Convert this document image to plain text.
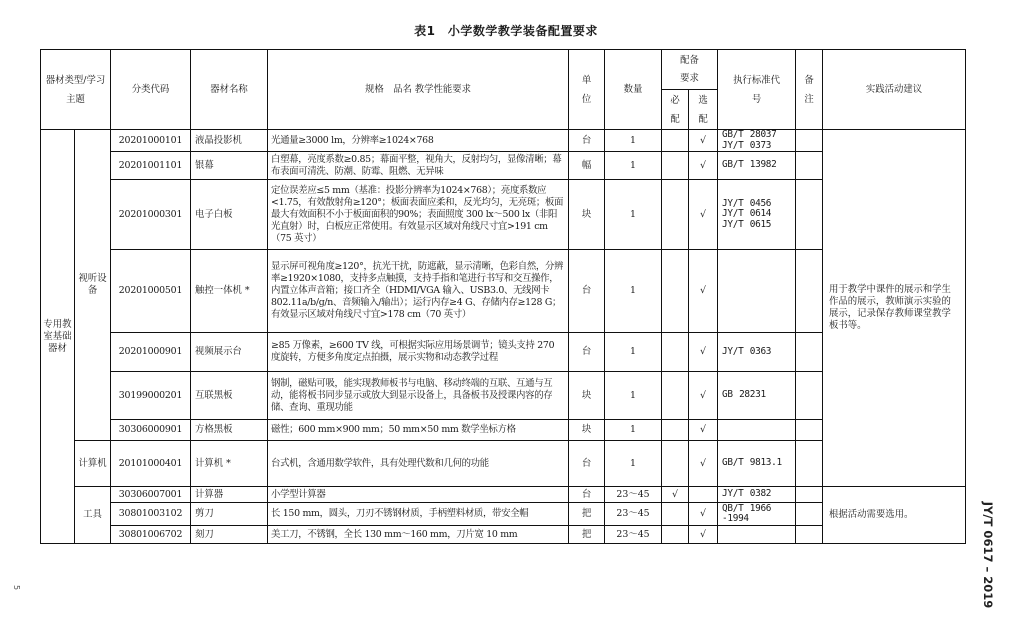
表1　小学数学教学装备配置要求
器材类型/学习主题		分类代码	器材名称	规格　品名 教学性能要求	单位	数量	配备要求		执行标准代号	备注	实践活动建议
							必配	选配			
专用教室基础器材	视听设备	20201000101	液晶投影机	光通量≥3000 lm，分辨率≥1024×768	台	1		√	GB/T 28037 JY/T 0373		用于教学中课件的展示和学生作品的展示，教师演示实验的展示，记录保存教师课堂教学板书等。
		20201001101	银幕	白塑幕，亮度系数≥0.85；幕面平整，视角大，反射均匀，显像清晰；幕布表面可清洗、防潮、防霉、阻燃、无异味	幅	1		√	GB/T 13982		
		20201000301	电子白板	定位误差应≤5 mm（基准：投影分辨率为1024×768）；亮度系数应<1.75，有效散射角≥120°；板面表面应柔和，反光均匀，无亮斑；板面最大有效面积不小于板面面积的90%；表面照度 300 lx～500 lx（非阳光直射）时，白板应正常使用。有效显示区域对角线尺寸宜>191 cm（75 英寸）	块	1		√	JY/T 0456 JY/T 0614 JY/T 0615		
		20201000501	触控一体机 *	显示屏可视角度≥120°，抗光干扰，防遮蔽，显示清晰，色彩自然，分辨率≥1920×1080，支持多点触摸，支持手指和笔进行书写和交互操作，内置立体声音箱；接口齐全（HDMI/VGA 输入、USB3.0、无线网卡 802.11a/b/g/n、音频输入/输出）；运行内存≥4 G、存储内存≥128 G；有效显示区域对角线尺寸宜>178 cm（70 英寸）	台	1		√			
		20201000901	视频展示台	≥85 万像素，≥600 TV 线，可根据实际应用场景调节；镜头支持 270 度旋转，方便多角度定点拍摄，展示实物和动态教学过程	台	1		√	JY/T 0363		
		30199000201	互联黑板	钢制，磁贴可吸，能实现教师板书与电脑、移动终端的互联、互通与互动，能将板书同步显示或放大到显示设备上，具备板书及授课内容的存储、查询、重现功能	块	1		√	GB 28231		
		30306000901	方格黑板	磁性；600 mm×900 mm；50 mm×50 mm 数学坐标方格	块	1		√			
	计算机	20101000401	计算机 *	台式机，含通用数学软件，具有处理代数和几何的功能	台	1		√	GB/T 9813.1		
	工具	30306007001	计算器	小学型计算器	台	23～45	√		JY/T 0382		根据活动需要选用。
		30801003102	剪刀	长 150 mm，圆头，刀刃不锈钢材质，手柄塑料材质，带安全帽	把	23～45		√	QB/T 1966 -1994		
		30801006702	刻刀	美工刀，不锈钢，全长 130 mm～160 mm，刀片宽 10 mm	把	23～45		√			
5	JY/T 0617 – 2019
